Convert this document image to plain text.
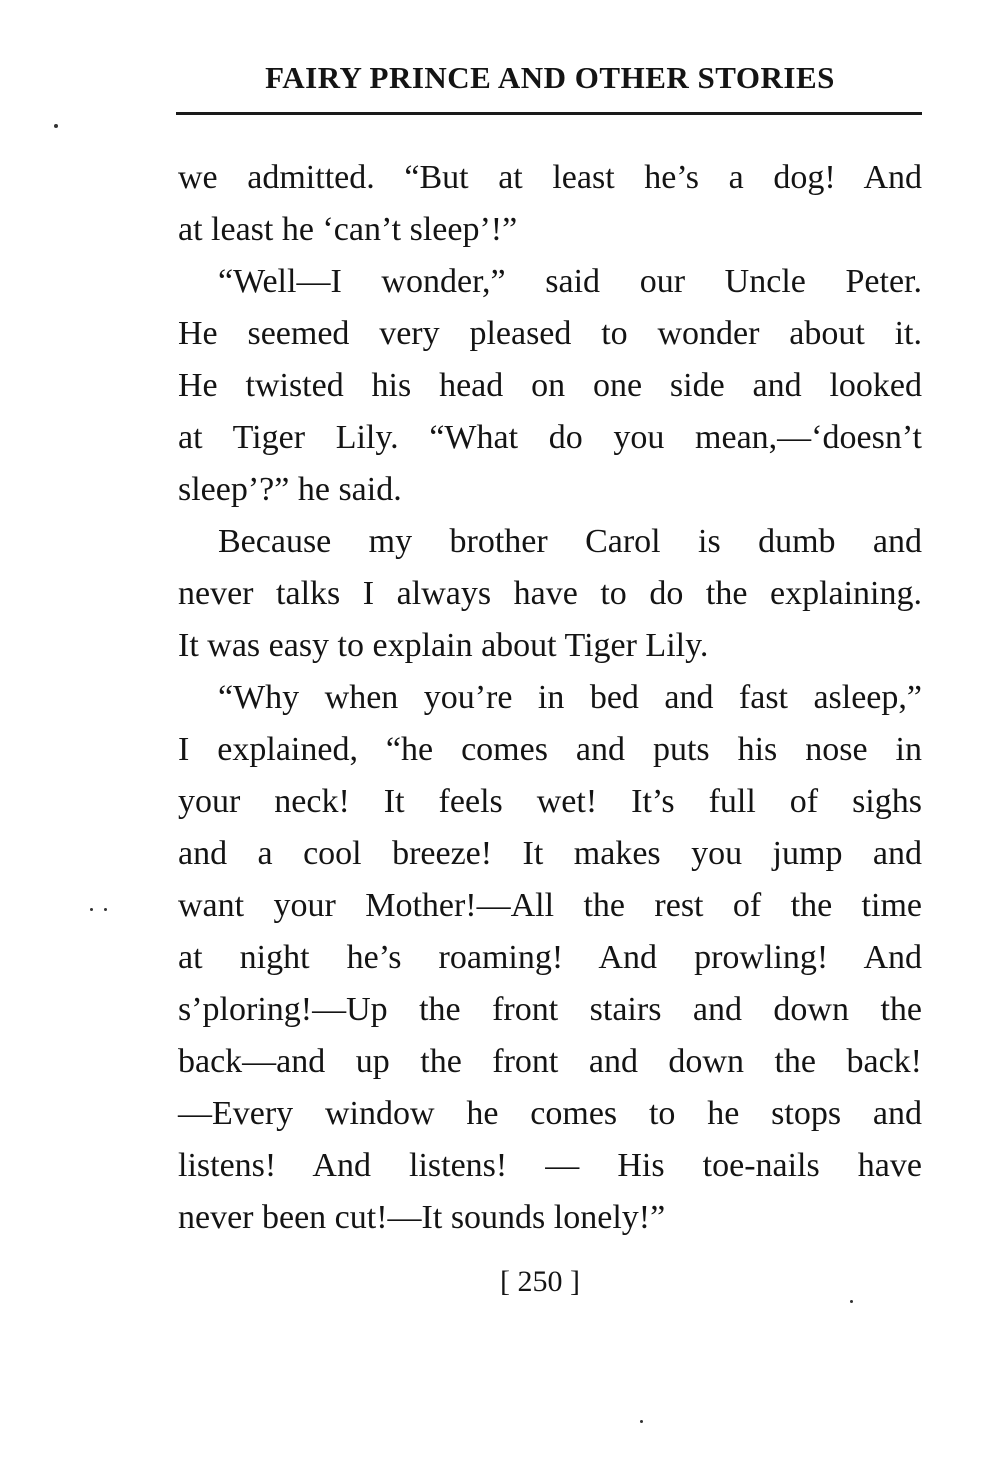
FAIRY PRINCE AND OTHER STORIES
we admitted. “But at least he’s a dog! And
at least he ‘can’t sleep’!”
“Well—I wonder,” said our Uncle Peter.
He seemed very pleased to wonder about it.
He twisted his head on one side and looked
at Tiger Lily. “What do you mean,—‘doesn’t
sleep’?” he said.
Because my brother Carol is dumb and
never talks I always have to do the explaining.
It was easy to explain about Tiger Lily.
“Why when you’re in bed and fast asleep,”
I explained, “he comes and puts his nose in
your neck! It feels wet! It’s full of sighs
and a cool breeze! It makes you jump and
want your Mother!—All the rest of the time
at night he’s roaming! And prowling! And
s’ploring!—Up the front stairs and down the
back—and up the front and down the back!
—Every window he comes to he stops and
listens! And listens! — His toe-nails have
never been cut!—It sounds lonely!”
[ 250 ]
